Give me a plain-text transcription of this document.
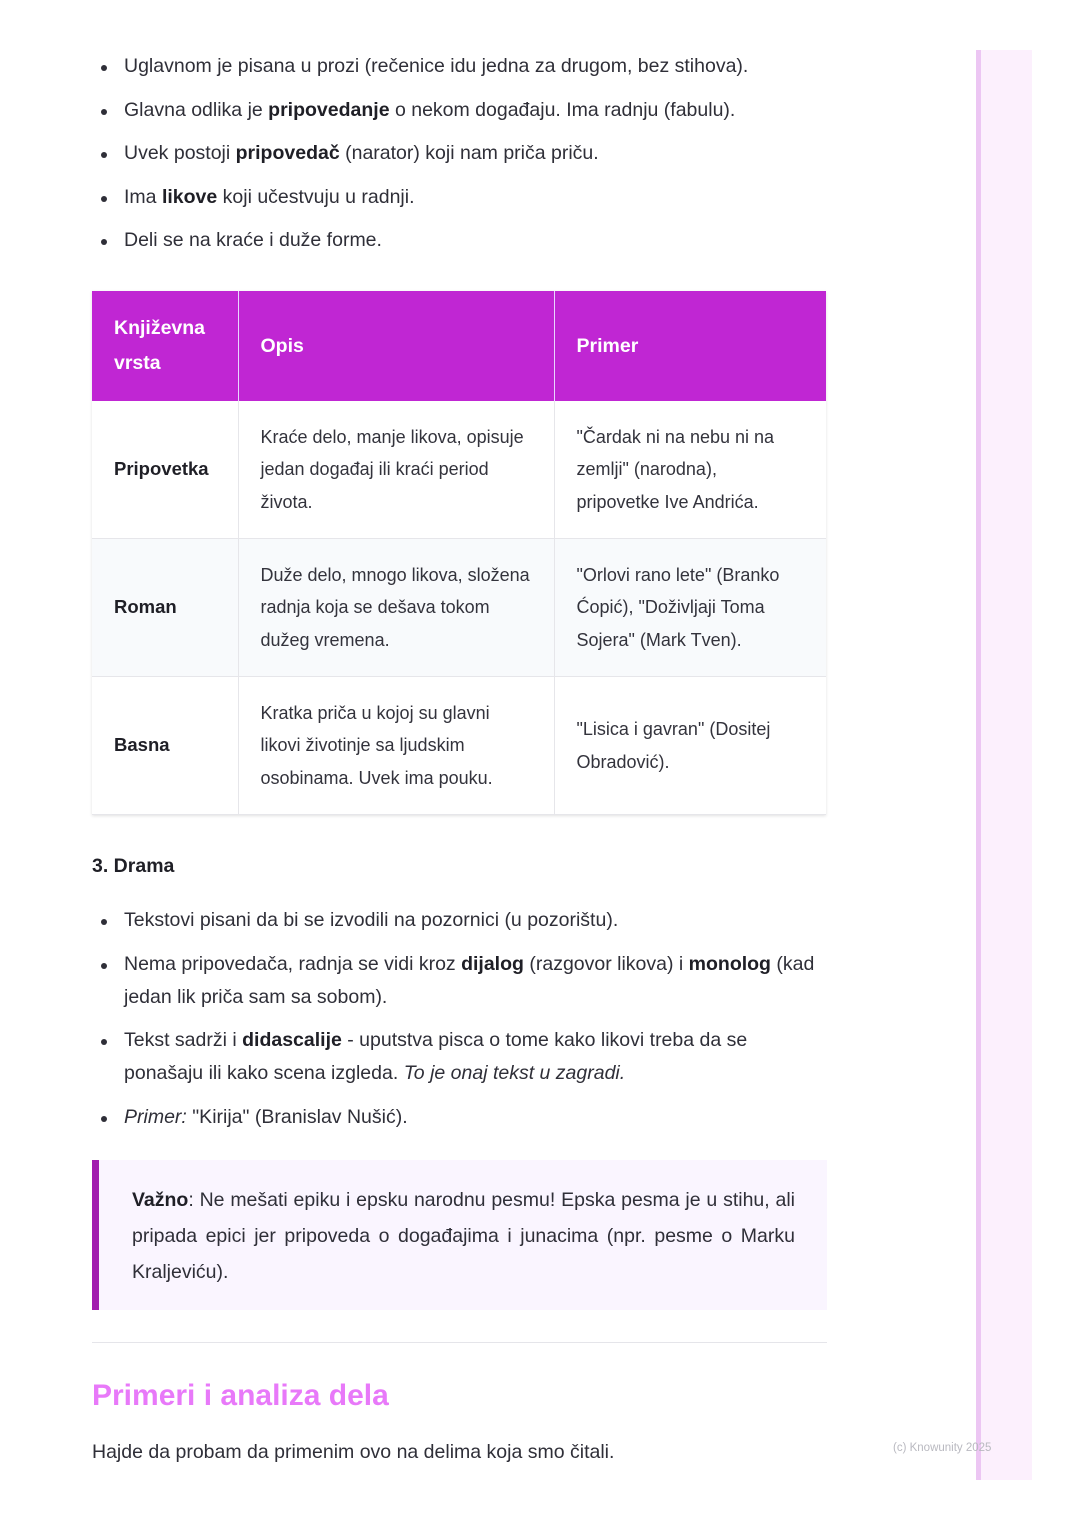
Uglavnom je pisana u prozi (rečenice idu jedna za drugom, bez stihova).
Glavna odlika je pripovedanje o nekom događaju. Ima radnju (fabulu).
Uvek postoji pripovedač (narator) koji nam priča priču.
Ima likove koji učestvuju u radnji.
Deli se na kraće i duže forme.
Književna vrsta	Opis	Primer
Pripovetka	Kraće delo, manje likova, opisuje jedan događaj ili kraći period života.	"Čardak ni na nebu ni na zemlji" (narodna), pripovetke Ive Andrića.
Roman	Duže delo, mnogo likova, složena radnja koja se dešava tokom dužeg vremena.	"Orlovi rano lete" (Branko Ćopić), "Doživljaji Toma Sojera" (Mark Tven).
Basna	Kratka priča u kojoj su glavni likovi životinje sa ljudskim osobinama. Uvek ima pouku.	"Lisica i gavran" (Dositej Obradović).
3. Drama
Tekstovi pisani da bi se izvodili na pozornici (u pozorištu).
Nema pripovedača, radnja se vidi kroz dijalog (razgovor likova) i monolog (kad jedan lik priča sam sa sobom).
Tekst sadrži i didascalije - uputstva pisca o tome kako likovi treba da se ponašaju ili kako scena izgleda. To je onaj tekst u zagradi.
Primer: "Kirija" (Branislav Nušić).
Važno: Ne mešati epiku i epsku narodnu pesmu! Epska pesma je u stihu, ali pripada epici jer pripoveda o događajima i junacima (npr. pesme o Marku Kraljeviću).
Primeri i analiza dela
Hajde da probam da primenim ovo na delima koja smo čitali.	(c) Knowunity 2025
